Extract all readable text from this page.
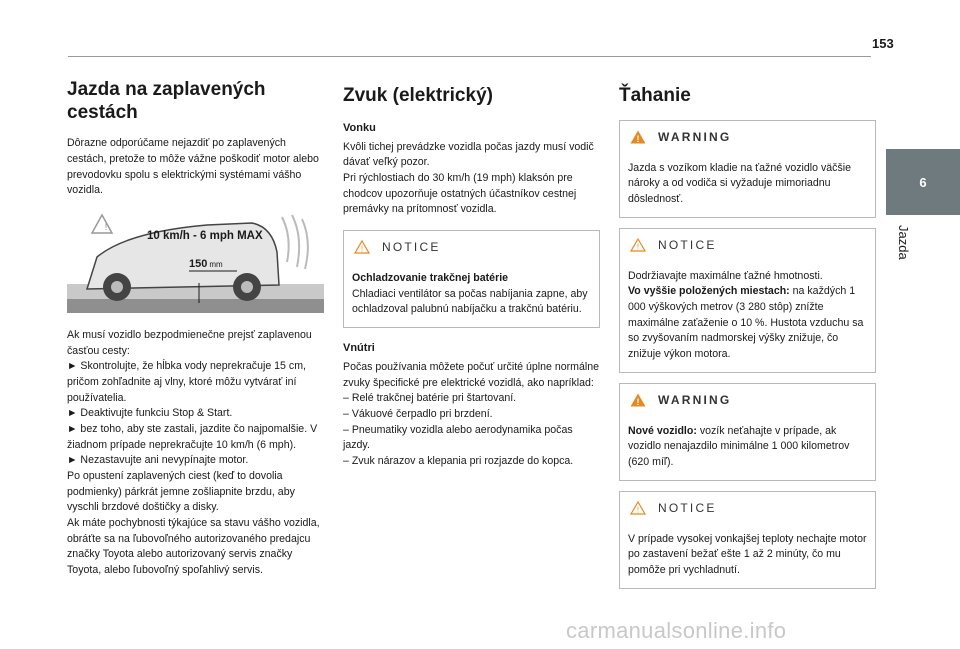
153
6
Jazda
Jazda na zaplavených cestách

Dôrazne odporúčame nejazdiť po zaplavených cestách, pretože to môže vážne poškodiť motor alebo prevodovku spolu s elektrickými systémami vášho vozidla.

!
10 km/h - 6 mph MAX
150 mm

Ak musí vozidlo bezpodmienečne prejsť zaplavenou časťou cesty:

► Skontrolujte, že hĺbka vody neprekračuje 15 cm, pričom zohľadnite aj vlny, ktoré môžu vytvárať iní používatelia.

► Deaktivujte funkciu Stop & Start.

► bez toho, aby ste zastali, jazdite čo najpomalšie. V žiadnom prípade neprekračujte 10 km/h (6 mph).

► Nezastavujte ani nevypínajte motor.

Po opustení zaplavených ciest (keď to dovolia podmienky) párkrát jemne zošliapnite brzdu, aby vyschli brzdové doštičky a disky.

Ak máte pochybnosti týkajúce sa stavu vášho vozidla, obráťte sa na ľubovoľného autorizovaného predajcu značky Toyota alebo autorizovaný servis značky Toyota, alebo ľubovoľný spoľahlivý servis.

Zvuk (elektrický)
Vonku

Kvôli tichej prevádzke vozidla počas jazdy musí vodič dávať veľký pozor.
Pri rýchlostiach do 30 km/h (19 mph) klaksón pre chodcov upozorňuje ostatných účastníkov cestnej premávky na prítomnosť vozidla.

! NOTICE

Ochladzovanie trakčnej batérie
Chladiaci ventilátor sa počas nabíjania zapne, aby ochladzoval palubnú nabíjačku a trakčnú batériu.

Vnútri

Počas používania môžete počuť určité úplne normálne zvuky špecifické pre elektrické vozidlá, ako napríklad:
– Relé trakčnej batérie pri štartovaní.
– Vákuové čerpadlo pri brzdení.
– Pneumatiky vozidla alebo aerodynamika počas jazdy.
– Zvuk nárazov a klepania pri rozjazde do kopca.

Ťahanie
! WARNING

Jazda s vozíkom kladie na ťažné vozidlo väčšie nároky a od vodiča si vyžaduje mimoriadnu dôslednosť.

! NOTICE

Dodržiavajte maximálne ťažné hmotnosti.
Vo vyššie položených miestach: na každých 1 000 výškových metrov (3 280 stôp) znížte maximálne zaťaženie o 10 %. Hustota vzduchu sa so zvyšovaním nadmorskej výšky znižuje, čo znižuje výkon motora.

! WARNING

Nové vozidlo: vozík neťahajte v prípade, ak vozidlo nenajazdilo minimálne 1 000 kilometrov (620 míľ).

! NOTICE

V prípade vysokej vonkajšej teploty nechajte motor po zastavení bežať ešte 1 až 2 minúty, čo mu pomôže pri vychladnutí.

carmanualsonline.info
